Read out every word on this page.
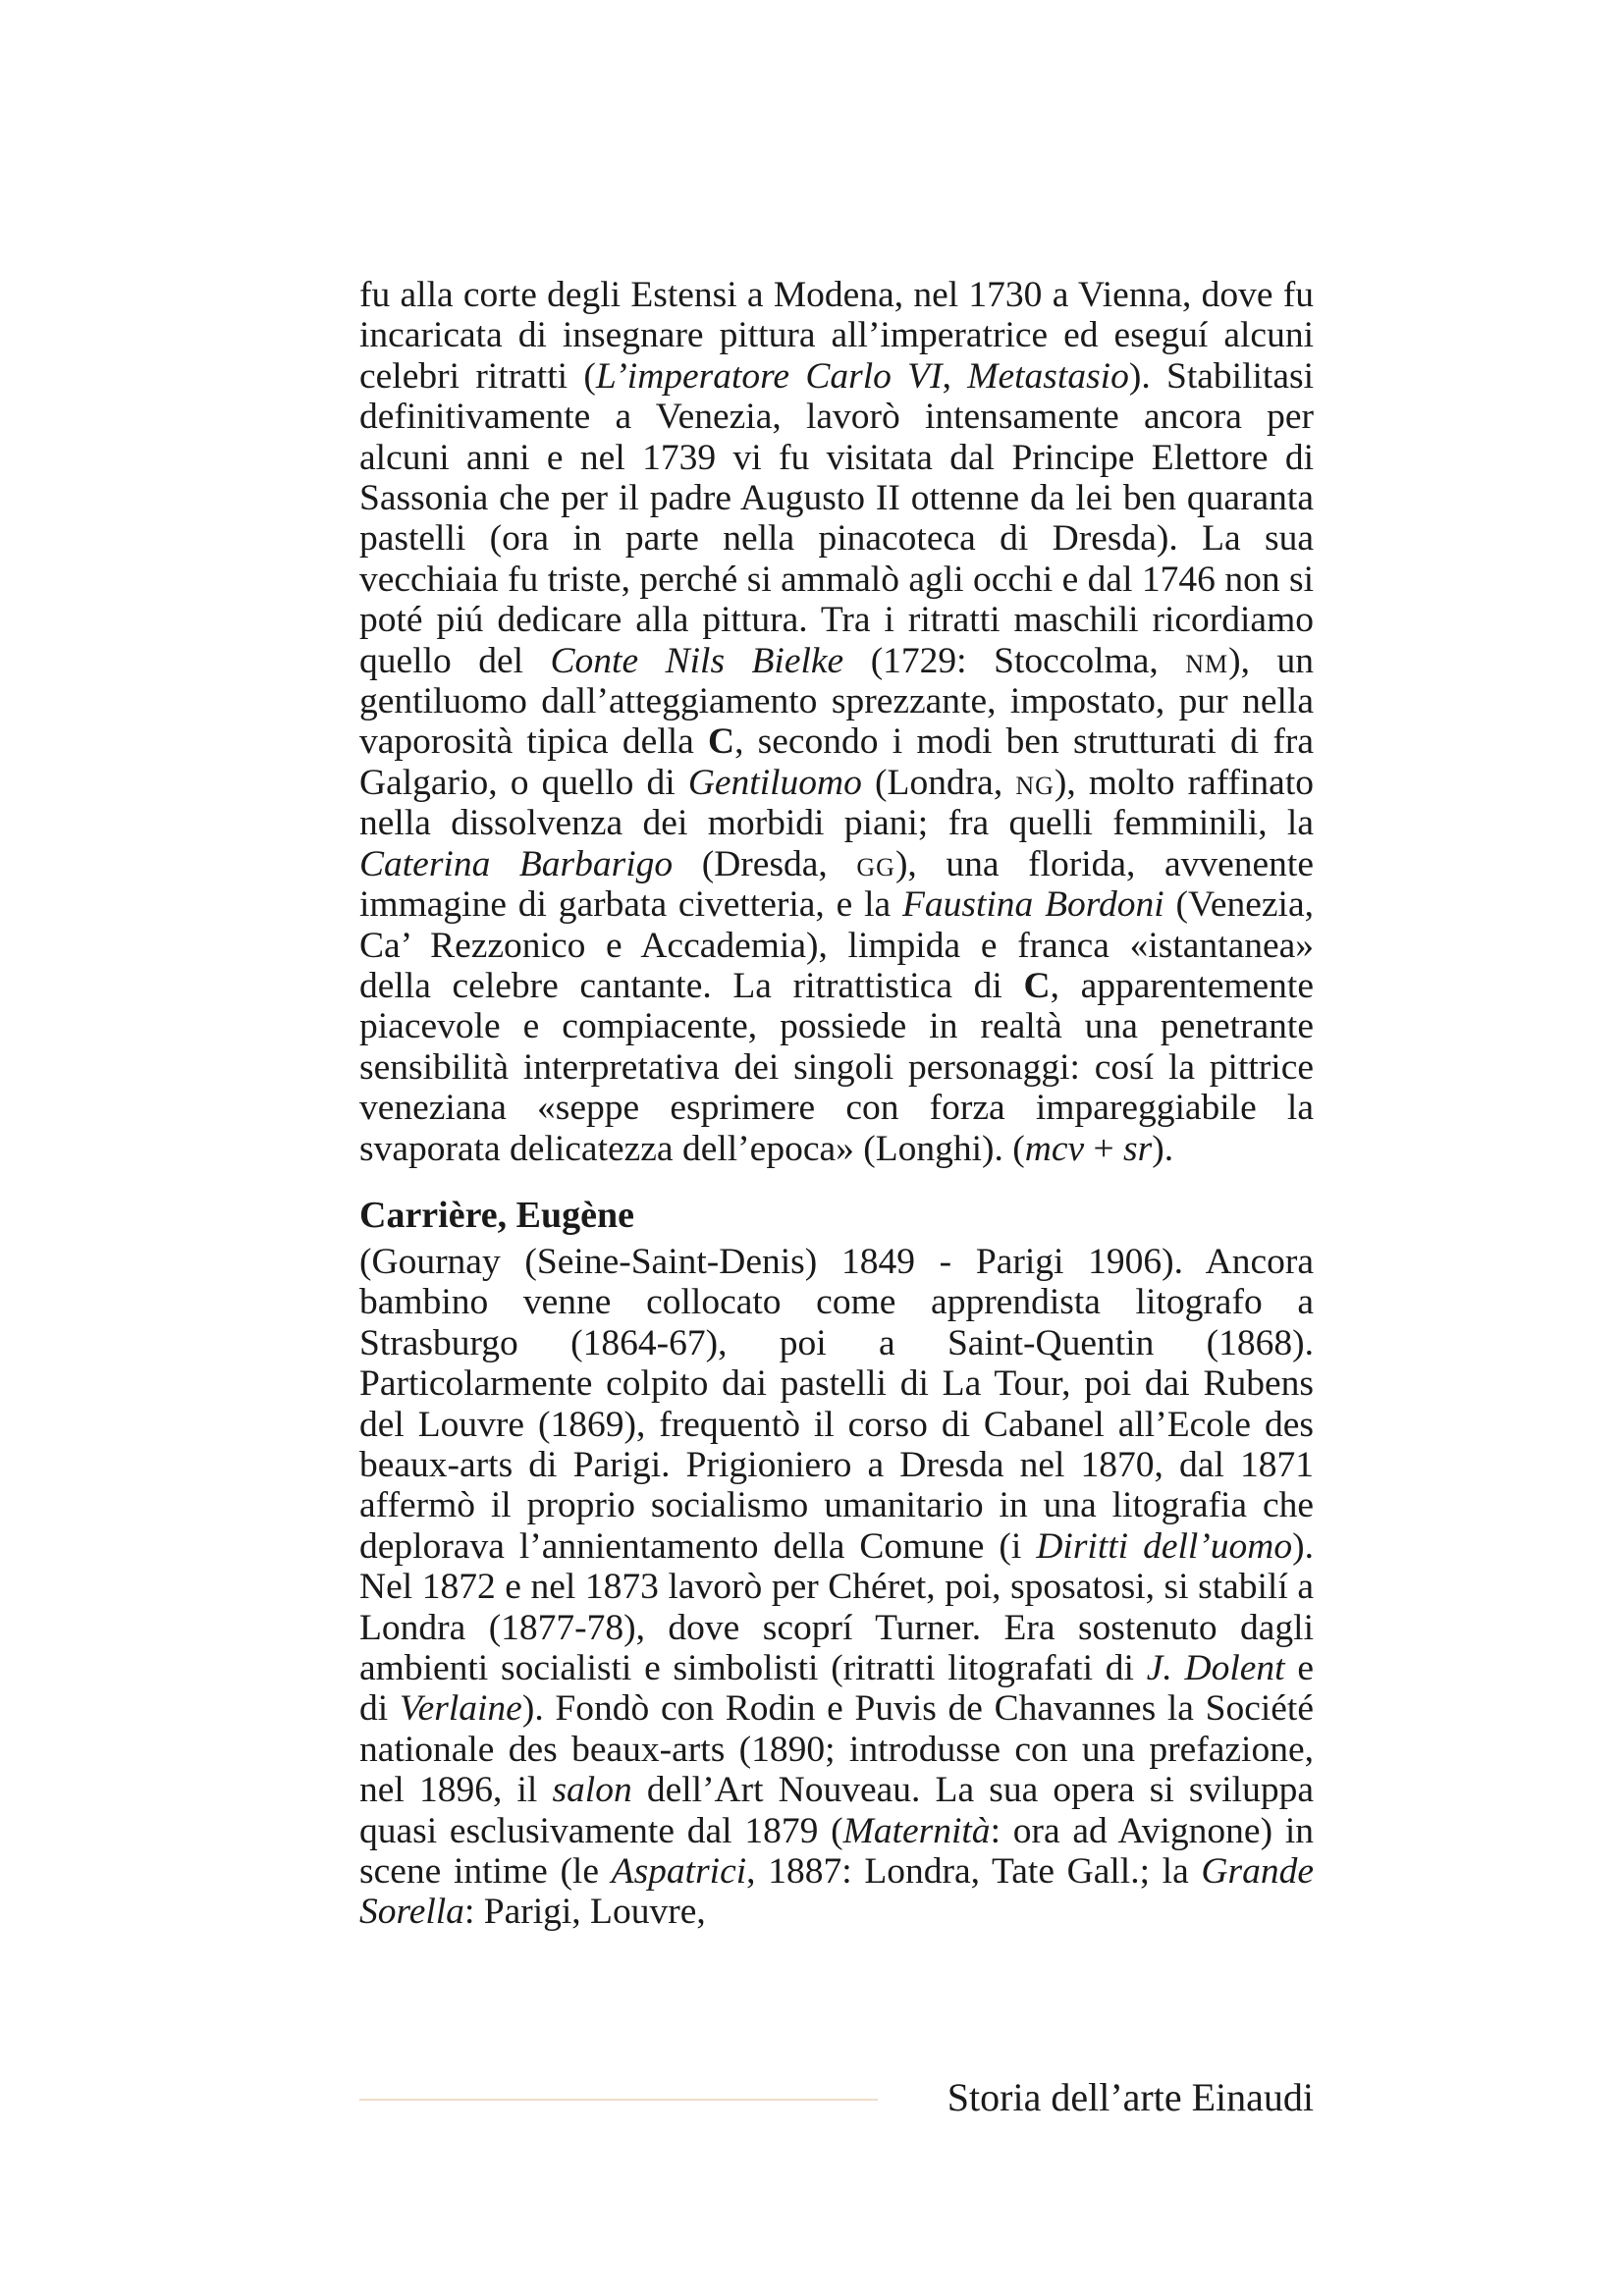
fu alla corte degli Estensi a Modena, nel 1730 a Vienna, dove fu incaricata di insegnare pittura all’imperatrice ed eseguí alcuni celebri ritratti (L’imperatore Carlo VI, Metastasio). Stabilitasi definitivamente a Venezia, lavorò intensamente ancora per alcuni anni e nel 1739 vi fu visitata dal Principe Elettore di Sassonia che per il padre Augusto II ottenne da lei ben quaranta pastelli (ora in parte nella pinacoteca di Dresda). La sua vecchiaia fu triste, perché si ammalò agli occhi e dal 1746 non si poté piú dedicare alla pittura. Tra i ritratti maschili ricordiamo quello del Conte Nils Bielke (1729: Stoccolma, nm), un gentiluomo dall’atteggiamento sprezzante, impostato, pur nella vaporosità tipica della C, secondo i modi ben strutturati di fra Galgario, o quello di Gentiluomo (Londra, ng), molto raffinato nella dissolvenza dei morbidi piani; fra quelli femminili, la Caterina Barbarigo (Dresda, gg), una florida, avvenente immagine di garbata civetteria, e la Faustina Bordoni (Venezia, Ca’ Rezzonico e Accademia), limpida e franca «istantanea» della celebre cantante. La ritrattistica di C, apparentemente piacevole e compiacente, possiede in realtà una penetrante sensibilità interpretativa dei singoli personaggi: cosí la pittrice veneziana «seppe esprimere con forza impareggiabile la svaporata delicatezza dell’epoca» (Longhi). (mcv + sr).

Carrière, Eugène

(Gournay (Seine-Saint-Denis) 1849 - Parigi 1906). Ancora bambino venne collocato come apprendista litografo a Strasburgo (1864-67), poi a Saint-Quentin (1868). Particolarmente colpito dai pastelli di La Tour, poi dai Rubens del Louvre (1869), frequentò il corso di Cabanel all’Ecole des beaux-arts di Parigi. Prigioniero a Dresda nel 1870, dal 1871 affermò il proprio socialismo umanitario in una litografia che deplorava l’annientamento della Comune (i Diritti dell’uomo). Nel 1872 e nel 1873 lavorò per Chéret, poi, sposatosi, si stabilí a Londra (1877-78), dove scoprí Turner. Era sostenuto dagli ambienti socialisti e simbolisti (ritratti litografati di J. Dolent e di Verlaine). Fondò con Rodin e Puvis de Chavannes la Société nationale des beaux-arts (1890; introdusse con una prefazione, nel 1896, il salon dell’Art Nouveau. La sua opera si sviluppa quasi esclusivamente dal 1879 (Maternità: ora ad Avignone) in scene intime (le Aspatrici, 1887: Londra, Tate Gall.; la Grande Sorella: Parigi, Louvre,

Storia dell’arte Einaudi
